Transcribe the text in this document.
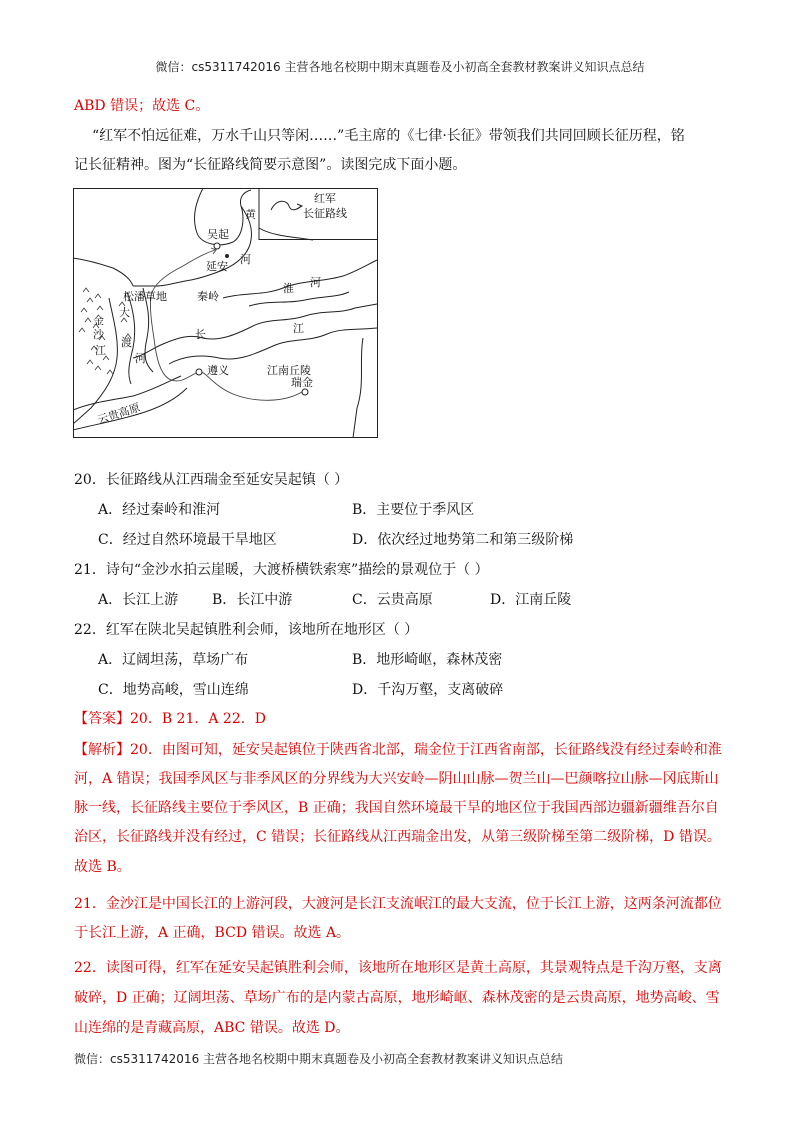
微信：cs5311742016 主营各地名校期中期末真题卷及小初高全套教材教案讲义知识点总结
ABD 错误；故选 C。
“红军不怕远征难，万水千山只等闲……”毛主席的《七律·长征》带领我们共同回顾长征历程，铭
记长征精神。图为“长征路线简要示意图”。读图完成下面小题。
红军
长征路线
吴起
延安
黄
河
淮 河
松潘草地	秦岭
长	江
金
沙
江
大
渡
河
遵义	江南丘陵
瑞金
云贵高原
20．长征路线从江西瑞金至延安吴起镇（ ）
A．经过秦岭和淮河	B．主要位于季风区
C．经过自然环境最干旱地区	D．依次经过地势第二和第三级阶梯
21．诗句“金沙水拍云崖暖，大渡桥横铁索寒”描绘的景观位于（ ）
A．长江上游 B．长江中游	C．云贵高原	D．江南丘陵
22．红军在陕北吴起镇胜利会师，该地所在地形区（ ）
A．辽阔坦荡，草场广布	B．地形崎岖，森林茂密
C．地势高峻，雪山连绵	D．千沟万壑，支离破碎
【答案】20．B 21．A 22．D
【解析】20．由图可知，延安吴起镇位于陕西省北部，瑞金位于江西省南部，长征路线没有经过秦岭和淮
河，A 错误；我国季风区与非季风区的分界线为大兴安岭—阴山山脉—贺兰山—巴颜喀拉山脉—冈底斯山
脉一线，长征路线主要位于季风区，B 正确；我国自然环境最干旱的地区位于我国西部边疆新疆维吾尔自
治区，长征路线并没有经过，C 错误；长征路线从江西瑞金出发，从第三级阶梯至第二级阶梯，D 错误。
故选 B。
21．金沙江是中国长江的上游河段，大渡河是长江支流岷江的最大支流，位于长江上游，这两条河流都位
于长江上游，A 正确，BCD 错误。故选 A。
22．读图可得，红军在延安吴起镇胜利会师，该地所在地形区是黄土高原，其景观特点是千沟万壑，支离
破碎，D 正确；辽阔坦荡、草场广布的是内蒙古高原，地形崎岖、森林茂密的是云贵高原，地势高峻、雪
山连绵的是青藏高原，ABC 错误。故选 D。
微信：cs5311742016 主营各地名校期中期末真题卷及小初高全套教材教案讲义知识点总结
